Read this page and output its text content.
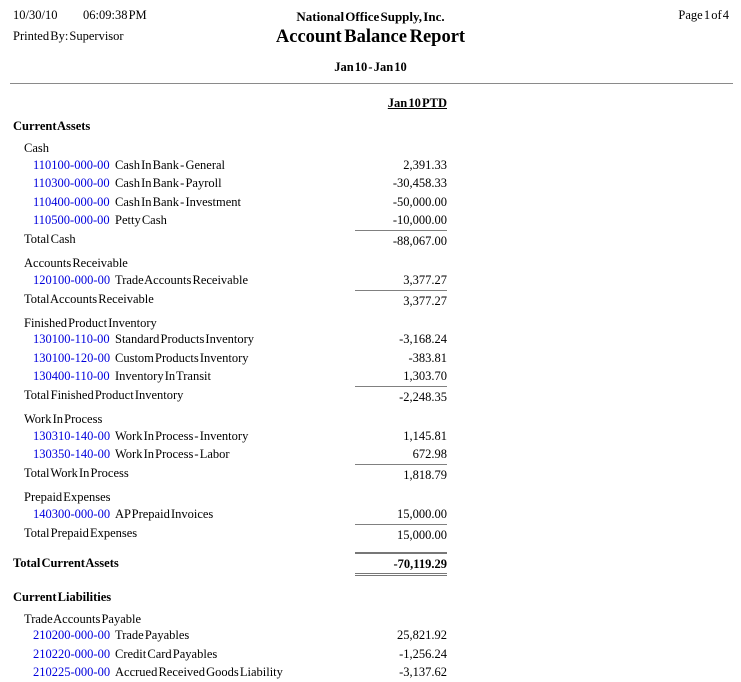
10/30/10 06:09:38 PM
Printed By: Supervisor
National Office Supply, Inc.
Account Balance Report
Jan 10 - Jan 10
Page 1 of 4
Jan 10 PTD
Current Assets
Cash
110100-000-00 Cash In Bank - General	2,391.33
110300-000-00 Cash In Bank - Payroll	-30,458.33
110400-000-00 Cash In Bank - Investment	-50,000.00
110500-000-00 Petty Cash	-10,000.00
Total Cash	-88,067.00
Accounts Receivable
120100-000-00 Trade Accounts Receivable	3,377.27
Total Accounts Receivable	3,377.27
Finished Product Inventory
130100-110-00 Standard Products Inventory	-3,168.24
130100-120-00 Custom Products Inventory	-383.81
130400-110-00 Inventory In Transit	1,303.70
Total Finished Product Inventory	-2,248.35
Work In Process
130310-140-00 Work In Process - Inventory	1,145.81
130350-140-00 Work In Process - Labor	672.98
Total Work In Process	1,818.79
Prepaid Expenses
140300-000-00 AP Prepaid Invoices	15,000.00
Total Prepaid Expenses	15,000.00
Total Current Assets	-70,119.29
Current Liabilities
Trade Accounts Payable
210200-000-00 Trade Payables	25,821.92
210220-000-00 Credit Card Payables	-1,256.24
210225-000-00 Accrued Received Goods Liability	-3,137.62
